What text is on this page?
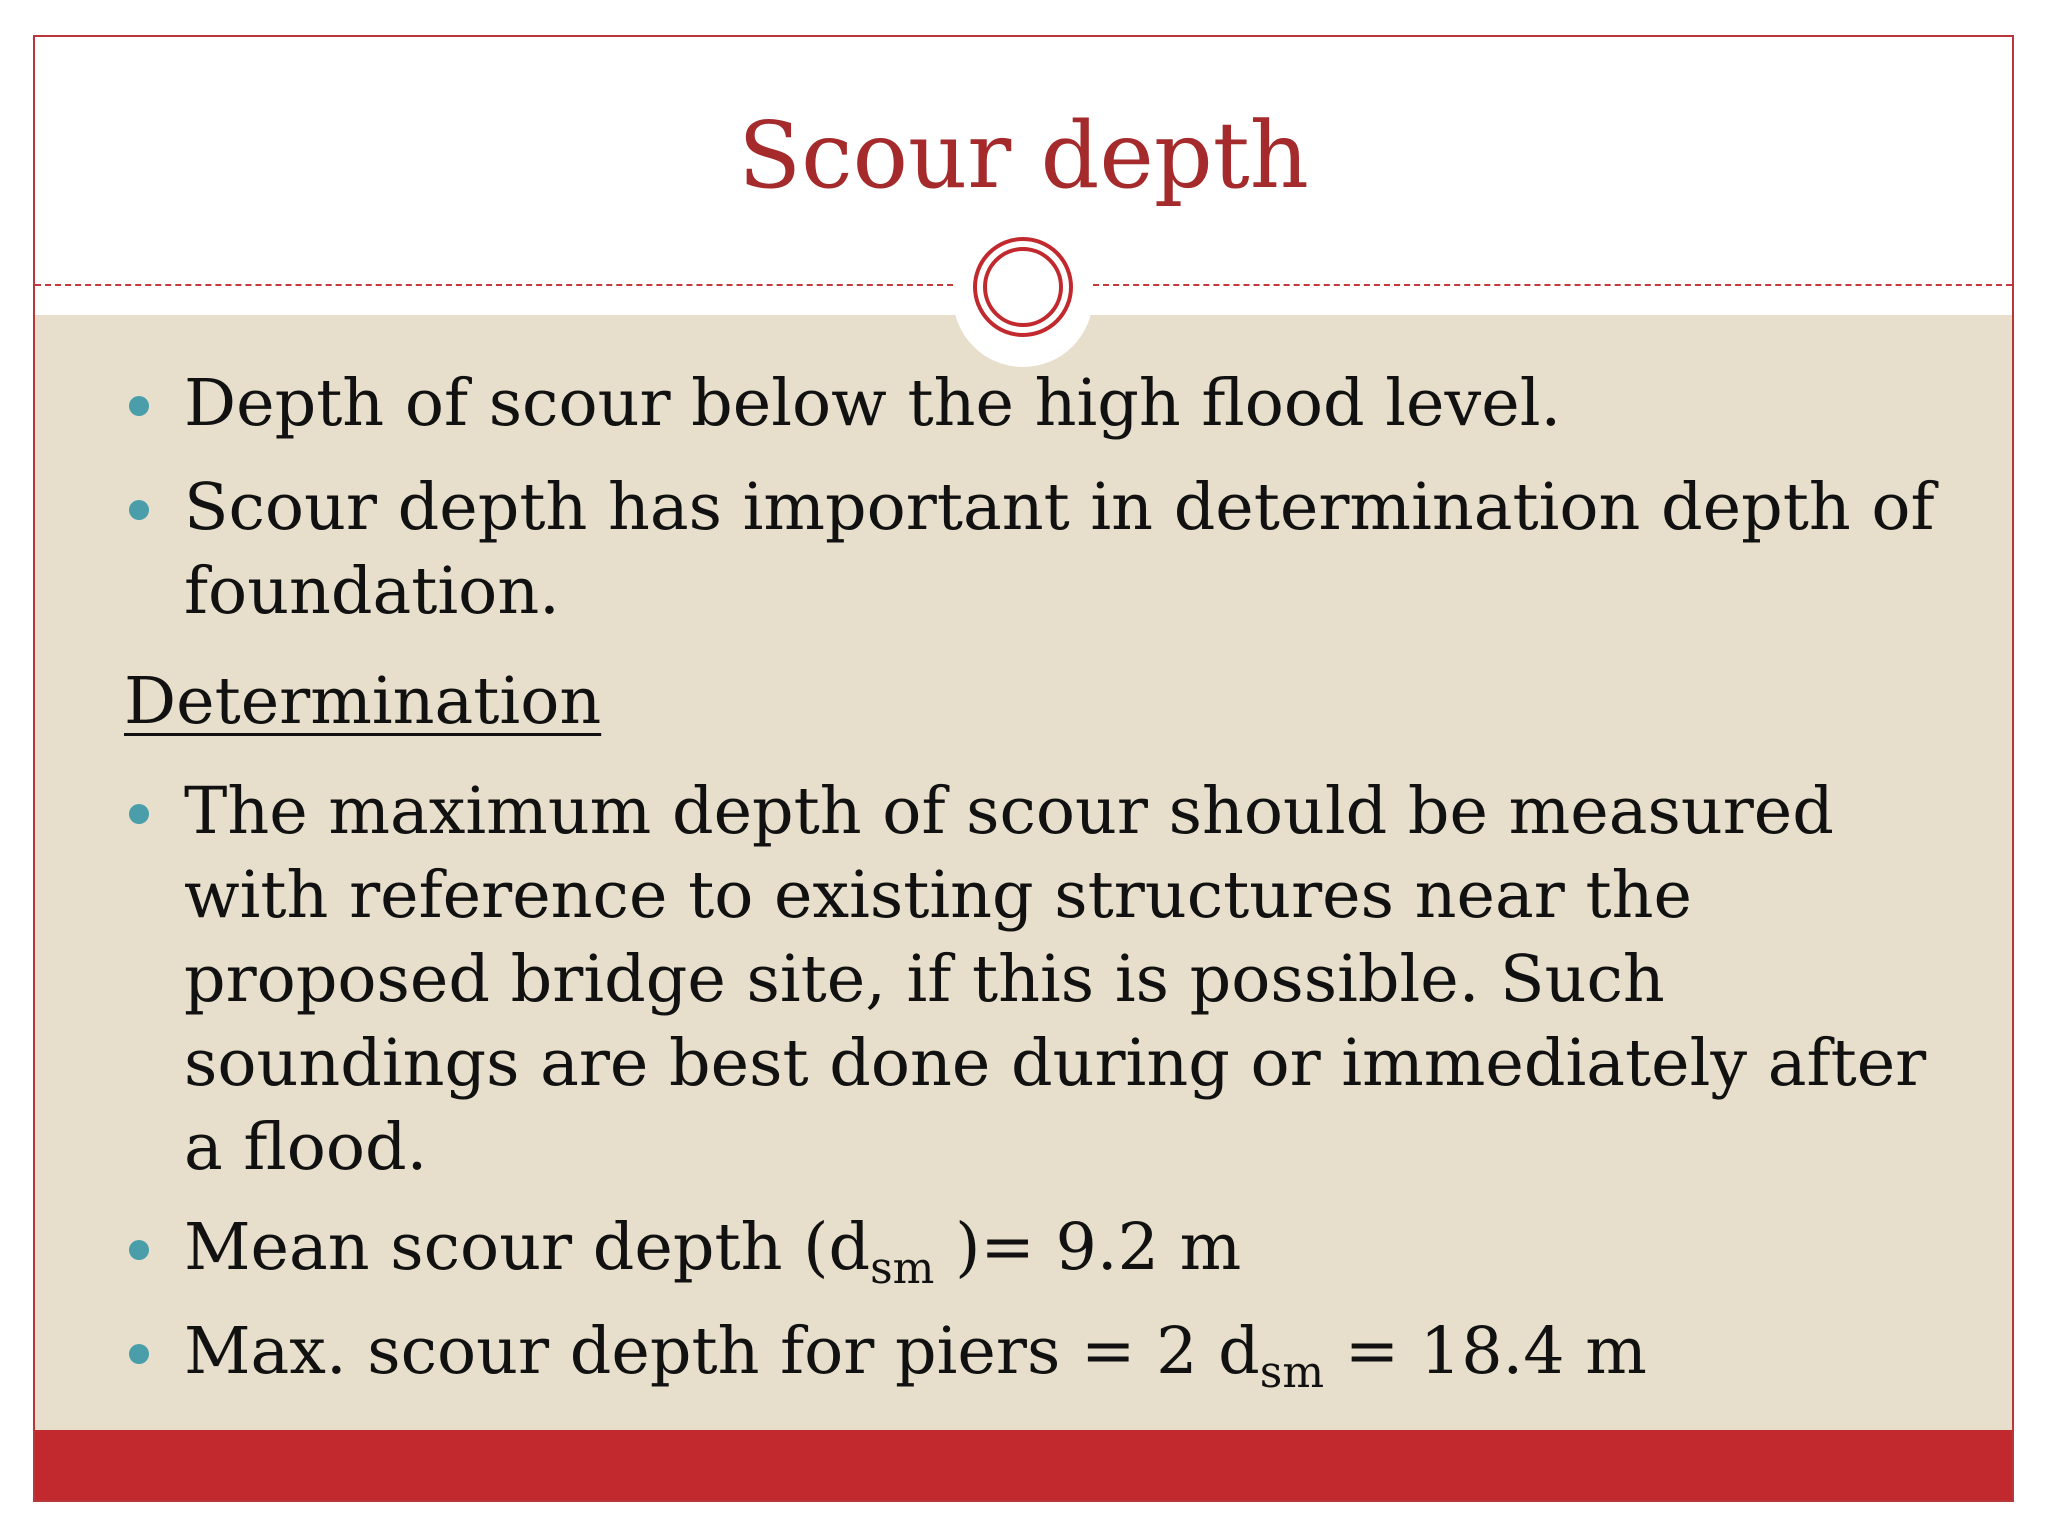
Scour depth
Depth of scour below the high flood level.
Scour depth has important in determination depth of foundation.
Determination
The maximum depth of scour should be measured with reference to existing structures near the proposed bridge site, if this is possible. Such soundings are best done during or immediately after a flood.
Mean scour depth ($d_{sm}$ )= 9.2 m
Max. scour depth for piers = 2 $d_{sm} = 18.4$ m
